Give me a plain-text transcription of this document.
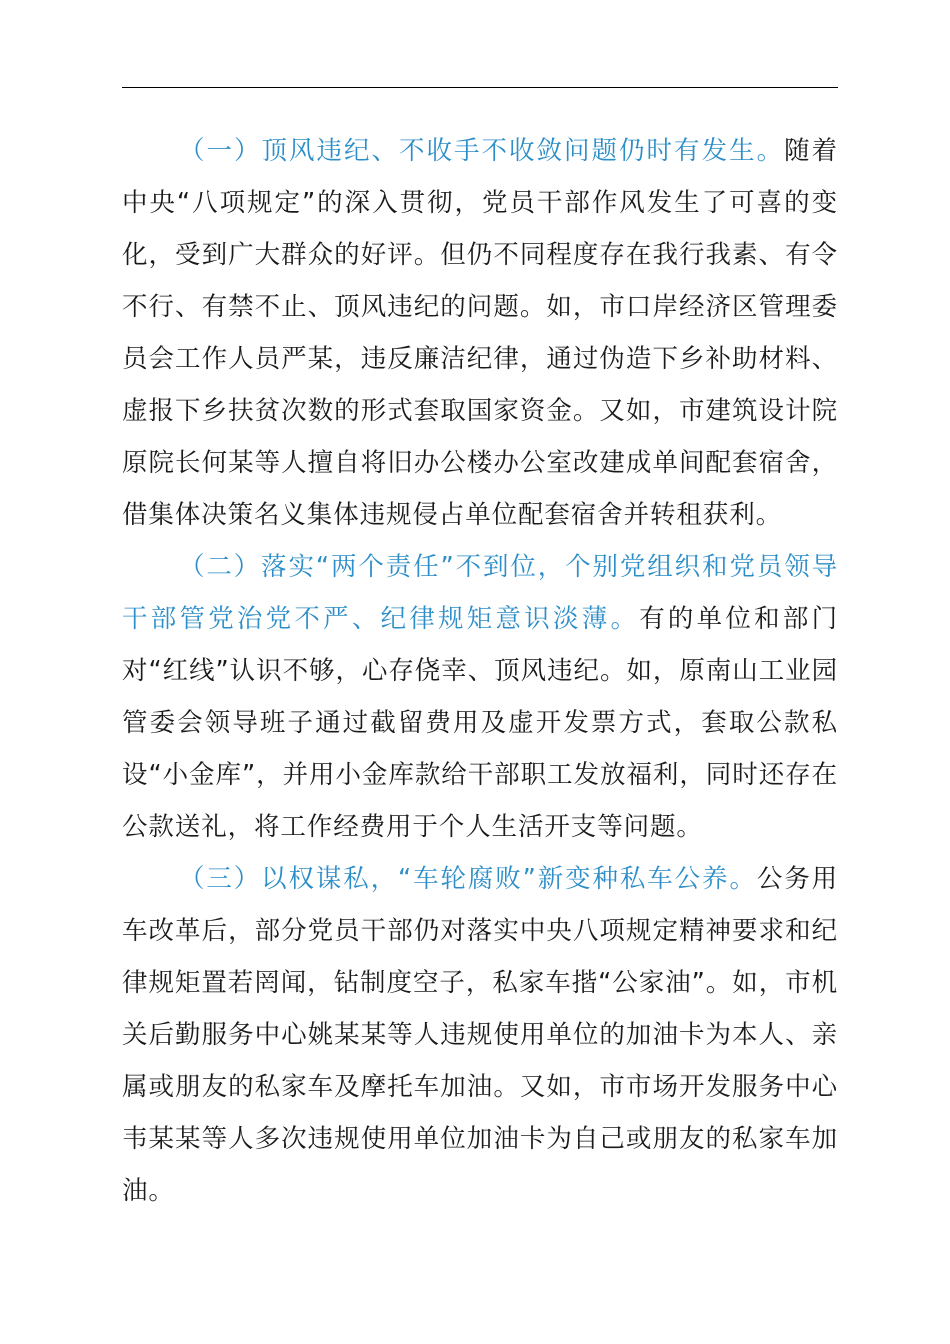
（一）顶风违纪、不收手不收敛问题仍时有发生。随着中央“八项规定”的深入贯彻，党员干部作风发生了可喜的变化，受到广大群众的好评。但仍不同程度存在我行我素、有令不行、有禁不止、顶风违纪的问题。如，市口岸经济区管理委员会工作人员严某，违反廉洁纪律，通过伪造下乡补助材料、虚报下乡扶贫次数的形式套取国家资金。又如，市建筑设计院原院长何某等人擅自将旧办公楼办公室改建成单间配套宿舍，借集体决策名义集体违规侵占单位配套宿舍并转租获利。

（二）落实“两个责任”不到位，个别党组织和党员领导干部管党治党不严、纪律规矩意识淡薄。有的单位和部门对“红线”认识不够，心存侥幸、顶风违纪。如，原南山工业园管委会领导班子通过截留费用及虚开发票方式，套取公款私设“小金库”，并用小金库款给干部职工发放福利，同时还存在公款送礼，将工作经费用于个人生活开支等问题。

（三）以权谋私，“车轮腐败”新变种私车公养。公务用车改革后，部分党员干部仍对落实中央八项规定精神要求和纪律规矩置若罔闻，钻制度空子，私家车揩“公家油”。如，市机关后勤服务中心姚某某等人违规使用单位的加油卡为本人、亲属或朋友的私家车及摩托车加油。又如，市市场开发服务中心韦某某等人多次违规使用单位加油卡为自己或朋友的私家车加油。
